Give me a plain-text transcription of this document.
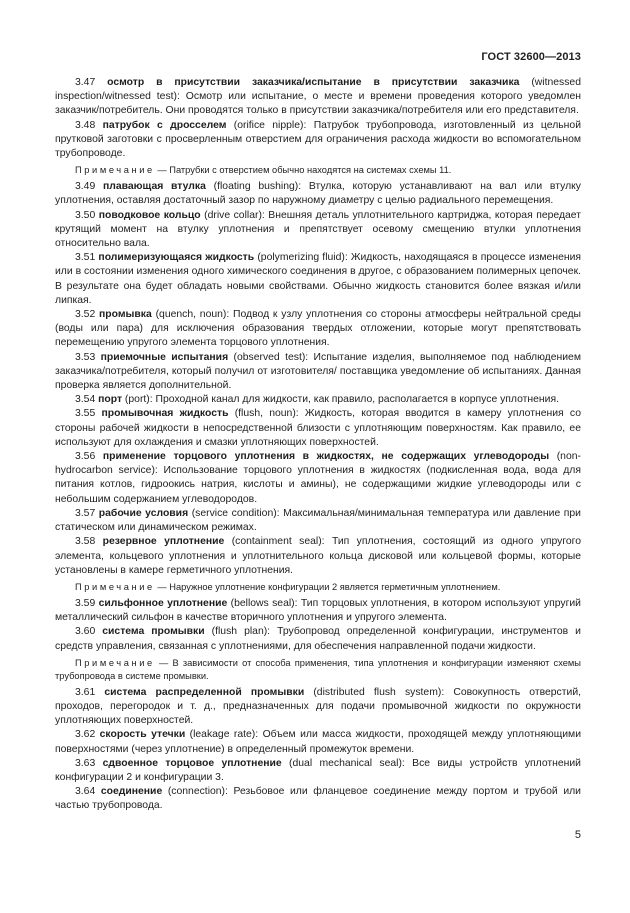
ГОСТ 32600—2013

3.47 осмотр в присутствии заказчика/испытание в присутствии заказчика (witnessed inspection/witnessed test): Осмотр или испытание, о месте и времени проведения которого уведомлен заказчик/потребитель. Они проводятся только в присутствии заказчика/потребителя или его представителя.

3.48 патрубок с дросселем (orifice nipple): Патрубок трубопровода, изготовленный из цельной прутковой заготовки с просверленным отверстием для ограничения расхода жидкости во вспомогательном трубопроводе.

Примечание — Патрубки с отверстием обычно находятся на системах схемы 11.

3.49 плавающая втулка (floating bushing): Втулка, которую устанавливают на вал или втулку уплотнения, оставляя достаточный зазор по наружному диаметру с целью радиального перемещения.

3.50 поводковое кольцо (drive collar): Внешняя деталь уплотнительного картриджа, которая передает крутящий момент на втулку уплотнения и препятствует осевому смещению втулки уплотнения относительно вала.

3.51 полимеризующаяся жидкость (polymerizing fluid): Жидкость, находящаяся в процессе изменения или в состоянии изменения одного химического соединения в другое, с образованием полимерных цепочек. В результате она будет обладать новыми свойствами. Обычно жидкость становится более вязкая и/или липкая.

3.52 промывка (quench, noun): Подвод к узлу уплотнения со стороны атмосферы нейтральной среды (воды или пара) для исключения образования твердых отложении, которые могут препятствовать перемещению упругого элемента торцового уплотнения.

3.53 приемочные испытания (observed test): Испытание изделия, выполняемое под наблюдением заказчика/потребителя, который получил от изготовителя/ поставщика уведомление об испытаниях. Данная проверка является дополнительной.

3.54 порт (port): Проходной канал для жидкости, как правило, располагается в корпусе уплотнения.

3.55 промывочная жидкость (flush, noun): Жидкость, которая вводится в камеру уплотнения со стороны рабочей жидкости в непосредственной близости с уплотняющим поверхностям. Как правило, ее используют для охлаждения и смазки уплотняющих поверхностей.

3.56 применение торцового уплотнения в жидкостях, не содержащих углеводороды (non-hydrocarbon service): Использование торцового уплотнения в жидкостях (подкисленная вода, вода для питания котлов, гидроокись натрия, кислоты и амины), не содержащими жидкие углеводороды или с небольшим содержанием углеводородов.

3.57 рабочие условия (service condition): Максимальная/минимальная температура или давление при статическом или динамическом режимах.

3.58 резервное уплотнение (containment seal): Тип уплотнения, состоящий из одного упругого элемента, кольцевого уплотнения и уплотнительного кольца дисковой или кольцевой формы, которые установлены в камере герметичного уплотнения.

Примечание — Наружное уплотнение конфигурации 2 является герметичным уплотнением.

3.59 сильфонное уплотнение (bellows seal): Тип торцовых уплотнения, в котором используют упругий металлический сильфон в качестве вторичного уплотнения и упругого элемента.

3.60 система промывки (flush plan): Трубопровод определенной конфигурации, инструментов и средств управления, связанная с уплотнениями, для обеспечения направленной подачи жидкости.

Примечание — В зависимости от способа применения, типа уплотнения и конфигурации изменяют схемы трубопровода в системе промывки.

3.61 система распределенной промывки (distributed flush system): Совокупность отверстий, проходов, перегородок и т. д., предназначенных для подачи промывочной жидкости по окружности уплотняющих поверхностей.

3.62 скорость утечки (leakage rate): Объем или масса жидкости, проходящей между уплотняющими поверхностями (через уплотнение) в определенный промежуток времени.

3.63 сдвоенное торцовое уплотнение (dual mechanical seal): Все виды устройств уплотнений конфигурации 2 и конфигурации 3.

3.64 соединение (connection): Резьбовое или фланцевое соединение между портом и трубой или частью трубопровода.

5
